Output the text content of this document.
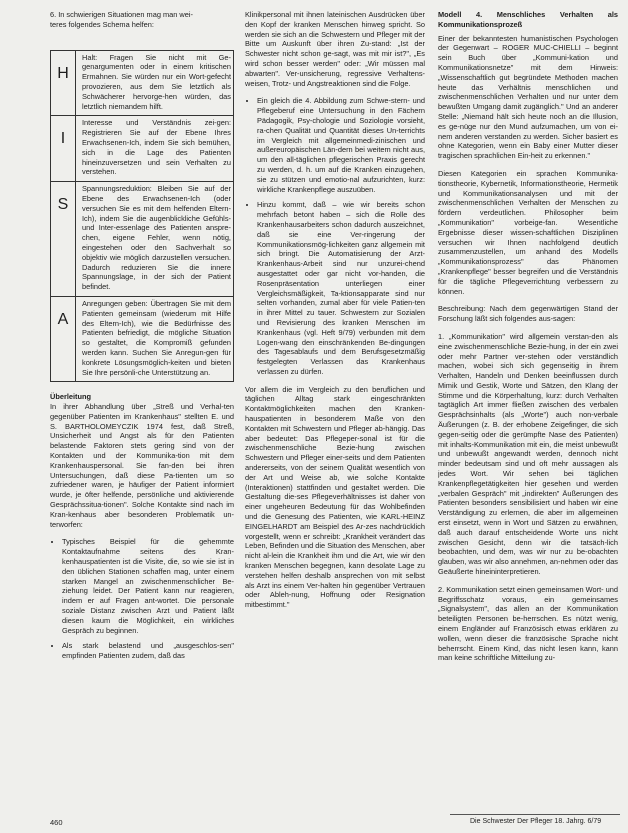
6. In schwierigen Situationen mag man wei-
teres folgendes Schema helfen:

H
Halt: Fragen Sie nicht mit Ge-genargumenten oder in einem kritischen Ermahnen. Sie würden nur ein Wort-gefecht provozieren, aus dem Sie letztlich als Schwächerer hervorge-hen würden, das letztlich niemandem hilft.
I
Interesse und Verständnis zei-gen: Registrieren Sie auf der Ebene Ihres Erwachsenen-Ich, indem Sie sich bemühen, sich in die Lage des Patienten hineinzuversetzen und sein Verhalten zu verstehen.
S
Spannungsreduktion: Bleiben Sie auf der Ebene des Erwachsenen-Ich (oder versuchen Sie es mit dem helfenden Eltern-Ich), indem Sie die augenblickliche Gefühls- und Inter-essenlage des Patienten anspre-chen, eigene Fehler, wenn nötig, eingestehen oder den Sachverhalt so objektiv wie möglich darzustellen versuchen. Dadurch reduzieren Sie die innere Spannungslage, in der sich der Patient befindet.
A
Anregungen geben: Übertragen Sie mit dem Patienten gemeinsam (wiederum mit Hilfe des Eltern-Ich), wie die Bedürfnisse des Patienten befriedigt, die mögliche Situation so gestaltet, die Kompromiß gefunden werden kann. Suchen Sie Anregun-gen für konkrete Lösungsmöglich-keiten und bieten Sie Ihre persönli-che Unterstützung an.
Überleitung

In ihrer Abhandlung über „Streß und Verhal-ten gegenüber Patienten im Krankenhaus" stellten E. und S. BARTHOLOMEYCZIK 1974 fest, daß Streß, Unsicherheit und Angst als für den Patienten belastende Faktoren stets gering sind von der Kontakten und der Kommunika-tion mit dem Krankenhauspersonal. Sie fan-den bei ihren Untersuchungen, daß diese Pa-tienten um so zufriedener waren, je häufiger der Patient informiert wurde, je öfter helfende, persönliche und aktivierende Gesprächssitua-tionen". Solche Kontakte sind nach im Kran-kenhaus aber besonderen Problematik un-terworfen:

• Typisches Beispiel für die gehemmte Kontaktaufnahme seitens des Kran-kenhauspatienten ist die Visite, die, so wie sie ist in den üblichen Stationen schaffen mag, unter einem starken Mangel an zwischenmenschlicher Be-ziehung leidet. Der Patient kann nur reagieren, indem er auf Fragen ant-wortet. Die personale soziale Distanz zwischen Arzt und Patient läßt diesen kaum die Möglichkeit, ein wirkliches Gespräch zu beginnen.
• Als stark belastend und „ausgeschlos-sen" empfinden Patienten zudem, daß das

Klinikpersonal mit ihnen lateinischen Ausdrücken über den Kopf der kranken Menschen hinweg spricht. So werden sie sich an die Schwestern und Pfleger mit der Bitte um Auskunft über ihren Zu-stand: „Ist der Schwester nicht schon ge-sagt, was mit mir ist?", „Es wird schon besser werden" oder: „Wir müssen mal abwarten". Ver-unsicherung, regressive Verhaltens-weisen, Trotz- und Angstreaktionen sind die Folge.

• Ein gleich die 4. Abbildung zum Schwe-stern- und Pflegeberuf eine Untersuchung in den Fächern Pädagogik, Psy-chologie und Soziologie vorsieht, ra-chen Qualität und Quantität dieses Un-terrichts im Vergleich mit allgemeinmedi-zinischen und außereuropäischen Län-dern bei weitem nicht aus, um den all-täglichen pflegerischen Praxis gerecht zu werden, d. h. um auf die Kranken einzugehen, sie zu stützen und emotio-nal aufzurichten, kurz: wirkliche Krankenpflege auszuüben.
• Hinzu kommt, daß – wie wir bereits schon mehrfach betont haben – sich die Rolle des Krankenhausarbeiters schon dadurch auszeichnet, daß sie eine Ver-ringerung der Kommunikationsmög-lichkeiten ganz allgemein mit sich bringt. Die Automatisierung der Arzt-Krankenhaus-Arbeit sind nur unzurei-chend ausgestattet oder gar nicht vor-handen, die Rosenpräsentation unterliegen einer Vergleichsmäßigkeit, Ta-ktionsapparate sind nur selten vorhanden, zumal aber für viele Patien-ten in ihrer Mittel zu tauer. Schwestern zur Sozialen und Revisierung des kranken Menschen im Krankenhaus (vgl. Heft 9/79) verbunden mit dem Logen-wang den einschränkenden Be-dingungen des Tagesablaufs und dem Berufsgesetzmäßig festgelegten Verlassen das Krankenhaus verlassen zu dürfen.

Vor allem die im Vergleich zu den beruflichen und täglichen Alltag stark eingeschränkten Kontaktmöglichkeiten machen den Kranken-hauspatienten in besonderem Maße von den Kontakten mit Schwestern und Pfleger ab-hängig. Das aber bedeutet: Das Pflegeper-sonal ist für die zwischenmenschliche Bezie-hung zwischen Schwestern und Pfleger einer-seits und dem Patienten andererseits, von der seinem Qualität wesentlich von der Art und Weise ab, wie solche Kontakte (Interaktionen) stattfinden und gestaltet werden. Die Gestaltung die-ses Pflegeverhältnisses ist daher von einer ungeheuren Bedeutung für das Wohlbefinden und die Genesung des Patienten, wie KARL-HEINZ EINGELHARDT am Beispiel des Ar-zes nachdrücklich vorgestellt, wenn er schreibt: „Krankheit verändert das Leben, Befinden und die Situation des Menschen, aber nicht al-lein die Krankheit ihm und die Art, wie wir den kranken Menschen begegnen, kann desolate Lage zu verstehen helfen deshalb ansprechen von mit selbst als Arzt ins einem Ver-halten hin gegenüber Vertrauen oder Ableh-nung, Hoffnung oder Resignation mitbestimmt."

Modell 4. Menschliches Verhalten als Kommunikationsprozeß

Einer der bekanntesten humanistischen Psychologen der Gegenwart – ROGER MUC-CHIELLI – beginnt sein Buch über „Kommuni-kation und Kommunikationsnetze" mit dem Hinweis: „Wissenschaftlich gut begründete Methoden machen heute das Verhältnis menschlichen und zwischenmenschlichen Verhalten und nur unter dem bewußten Umgang damit zugänglich." Und an anderer Stelle: „Niemand hält sich heute noch an die Illusion, es ge-nüge nur den Mund aufzumachen, um von ei-nem anderen verstanden zu werden. Sicher basiert es ohne Kategorien, wenn ein Baby einer Mutter dieser tragischen sprachlichen Ein-heit zu erkennen."

Diesen Kategorien ein sprachen Kommunika-tionstheorie, Kybernetik, Informationstheorie, Hermetik und Kommunikationsanalysen und mit der zwischenmenschlichen Verhalten der Menschen zu fördern verdeutlichen. Philosopher beim „Kommunikation" vorbeige-fan. Wesentliche Ergebnisse dieser wissen-schaftlichen Disziplinen versuchen wir Ihnen nachfolgend deutlich zusammenzustellen, um anhand des Modells „Kommunikationsprozess" das Phänomen „Krankenpflege" besser begreifen und die Verständnis für die tägliche Pflegeverrichtung verbessern zu können.

Beschreibung: Nach dem gegenwärtigen Stand der Forschung läßt sich folgendes aus-sagen:

1. „Kommunikation" wird allgemein verstan-den als eine zwischenmenschliche Bezie-hung, in der ein zwei oder mehr Partner ver-stehen oder verständlich machen, wobei sich sich gegenseitig in ihrem Verhalten, Handeln und Denken beeinflussen durch Mimik und Gestik, Worte und Sätzen, den Klang der Stimme und die Körperhaltung, kurz: durch Verhalten tagtäglich Art immer fließen zwischen des verbalen Gesprächsinhalts (als „Worte") auch non-verbale Äußerungen (z. B. der erhobene Zeigefinger, die sich gegen-seitig oder die gerümpfte Nase des Patienten) mit inhalts-Kommunikation mit ein, die meist unbewußt und unbewußt angewandt werden, dennoch nicht minder bedeutsam sind und oft mehr aussagen als jedes Wort. Wir sehen bei täglichen Krankenpflegetätigkeiten hier gesehen und werden „verbalen Gespräch" mit „indirekten" Äußerungen des Patienten besonders sensibilisiert und haben wir eine Verständigung zu erlernen, die aber im allgemeinen erst einsetzt, wenn in Wort und Sätzen zu erwähnen, daß auch darauf entscheidende Worte uns nicht zwischen Gesicht, denn wir die tatsäch-lich beobachten, und dem, was wir nur zu be-obachten glauben, was wir also annehmen, an-nehmen oder das Geäußerte hineininterpretieren.

2. Kommunikation setzt einen gemeinsamen Wort- und Begriffsschatz voraus, ein gemeinsames „Signalsystem", das allen an der Kommunikation beteiligten Personen be-herrschen. Es nützt wenig, einem Engländer auf Französisch etwas erklären zu wollen, wenn dieser die französische Sprache nicht beherrscht. Einem Kind, das nicht lesen kann, kann man keine schriftliche Mitteilung zu-

460	Die Schwester Der Pfleger 18. Jahrg. 6/79
